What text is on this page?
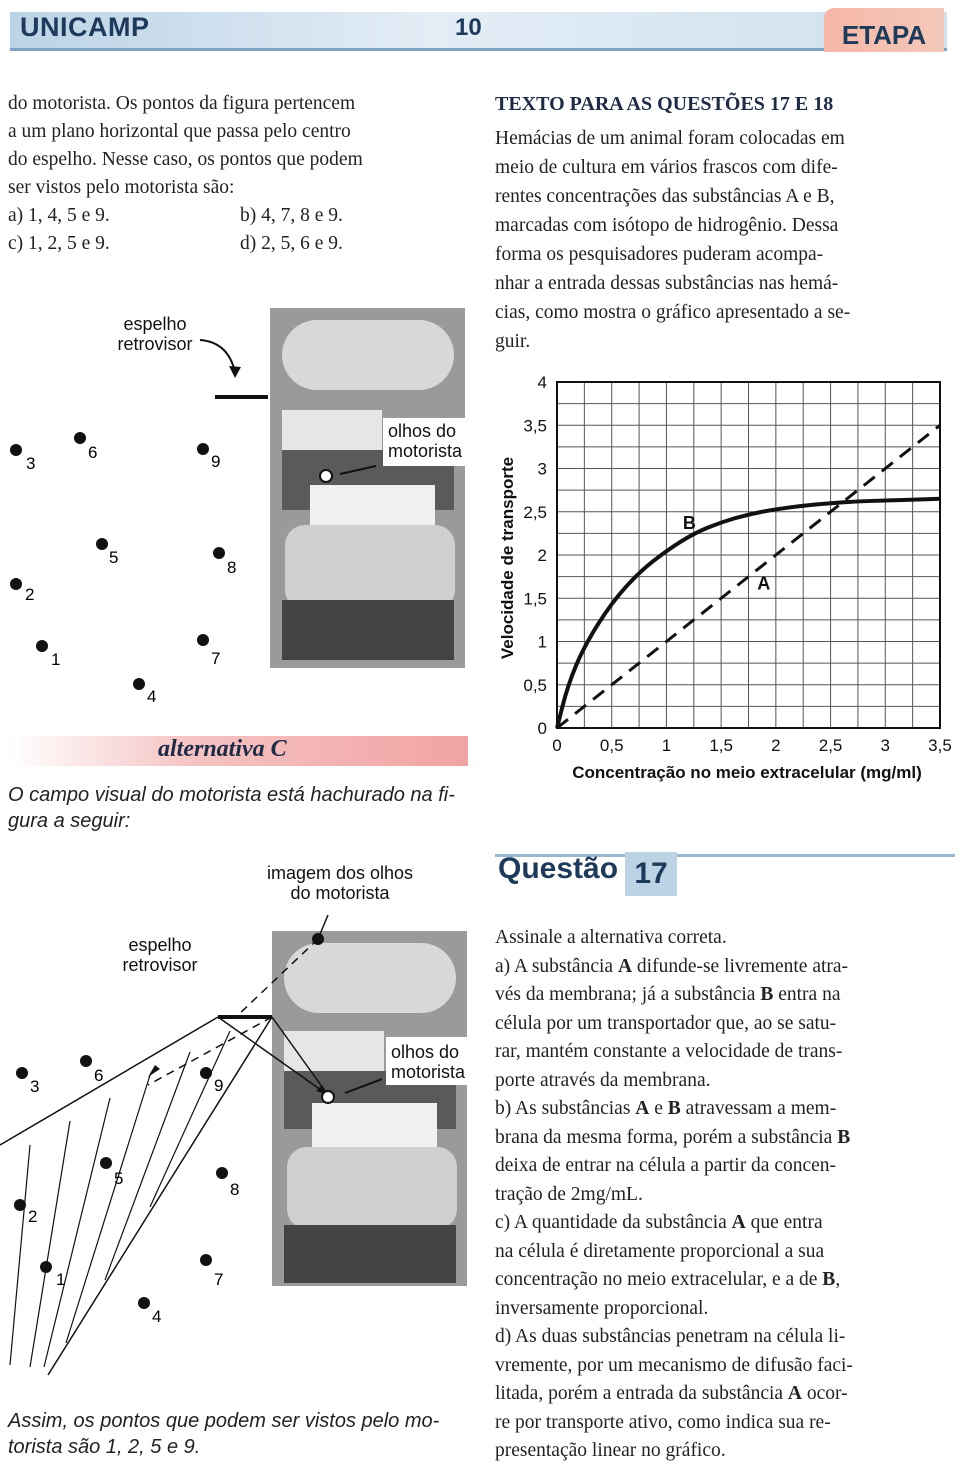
UNICAMP	10	ETAPA

do motorista. Os pontos da figura pertencem

a um plano horizontal que passa pelo centro

do espelho. Nesse caso, os pontos que podem

ser vistos pelo motorista são:

a) 1, 4, 5 e 9.	b) 4, 7, 8 e 9.
c) 1, 2, 5 e 9.	d) 2, 5, 6 e 9.
espelho
retrovisor
olhos do
motorista
3
6	9
5
8
2
1	7
4
alternativa C
O campo visual do motorista está hachurado na fi-
gura a seguir:
imagem dos olhos
do motorista
espelho
retrovisor
olhos do
motorista
3
6
9
5
8
2
1	7
4
Assim, os pontos que podem ser vistos pelo mo-
torista são 1, 2, 5 e 9.

TEXTO PARA AS QUESTÕES 17 E 18

Hemácias de um animal foram colocadas em

meio de cultura em vários frascos com dife-

rentes concentrações das substâncias A e B,

marcadas com isótopo de hidrogênio. Dessa

forma os pesquisadores puderam acompa-

nhar a entrada dessas substâncias nas hemá-

cias, como mostra o gráfico apresentado a se-

guir.

0
0,5
1
1,5
2
2,5
3
3,5
4
0 0,5 1 1,5 2 2,5 3 3,5
B
A
Velocidade de transporte
Concentração no meio extracelular (mg/ml)
Questão 17

Assinale a alternativa correta.

a) A substância A difunde-se livremente atra-
vés da membrana; já a substância B entra na
célula por um transportador que, ao se satu-
rar, mantém constante a velocidade de trans-
porte através da membrana.

b) As substâncias A e B atravessam a mem-
brana da mesma forma, porém a substância B
deixa de entrar na célula a partir da concen-
tração de 2mg/mL.

c) A quantidade da substância A que entra
na célula é diretamente proporcional a sua
concentração no meio extracelular, e a de B,
inversamente proporcional.

d) As duas substâncias penetram na célula li-
vremente, por um mecanismo de difusão faci-
litada, porém a entrada da substância A ocor-
re por transporte ativo, como indica sua re-
presentação linear no gráfico.
